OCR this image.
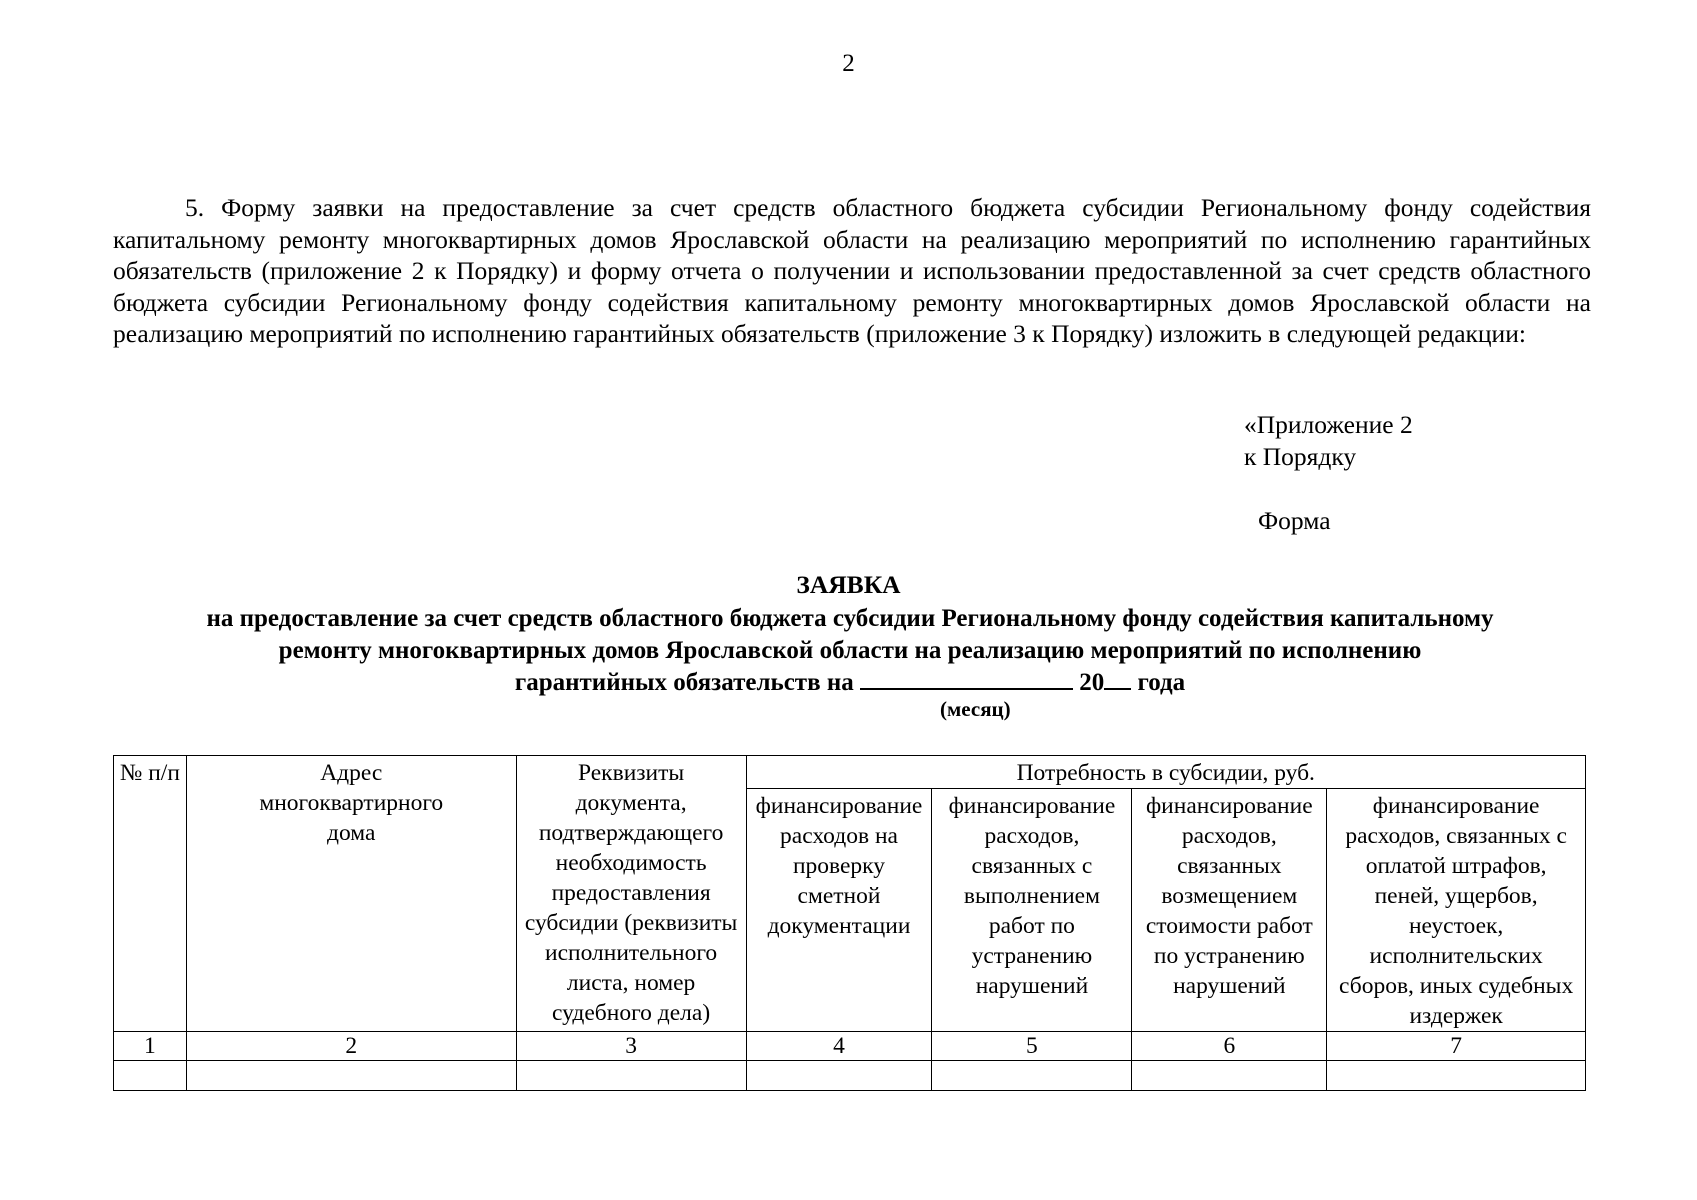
2
5. Форму заявки на предоставление за счет средств областного бюджета субсидии Региональному фонду содействия капитальному ремонту многоквартирных домов Ярославской области на реализацию мероприятий по исполнению гарантийных обязательств (приложение 2 к Порядку) и форму отчета о получении и использовании предоставленной за счет средств областного бюджета субсидии Региональному фонду содействия капитальному ремонту многоквартирных домов Ярославской области на реализацию мероприятий по исполнению гарантийных обязательств (приложение 3 к Порядку) изложить в следующей редакции:
«Приложение 2
к Порядку
Форма
ЗАЯВКА
на предоставление за счет средств областного бюджета субсидии Региональному фонду содействия капитальному
ремонту многоквартирных домов Ярославской области на реализацию мероприятий по исполнению
гарантийных обязательств на	20 года
(месяц)
№ п/п	Адрес многоквартирного дома	Реквизиты документа, подтверждающего необходимость предоставления субсидии (реквизиты исполнительного листа, номер судебного дела)	Потребность в субсидии, руб.			
			финансирование расходов на проверку сметной документации	финансирование расходов, связанных с выполнением работ по устранению нарушений	финансирование расходов, связанных возмещением стоимости работ по устранению нарушений	финансирование расходов, связанных с оплатой штрафов, пеней, ущербов, неустоек, исполнительских сборов, иных судебных издержек
1	2	3	4	5	6	7
